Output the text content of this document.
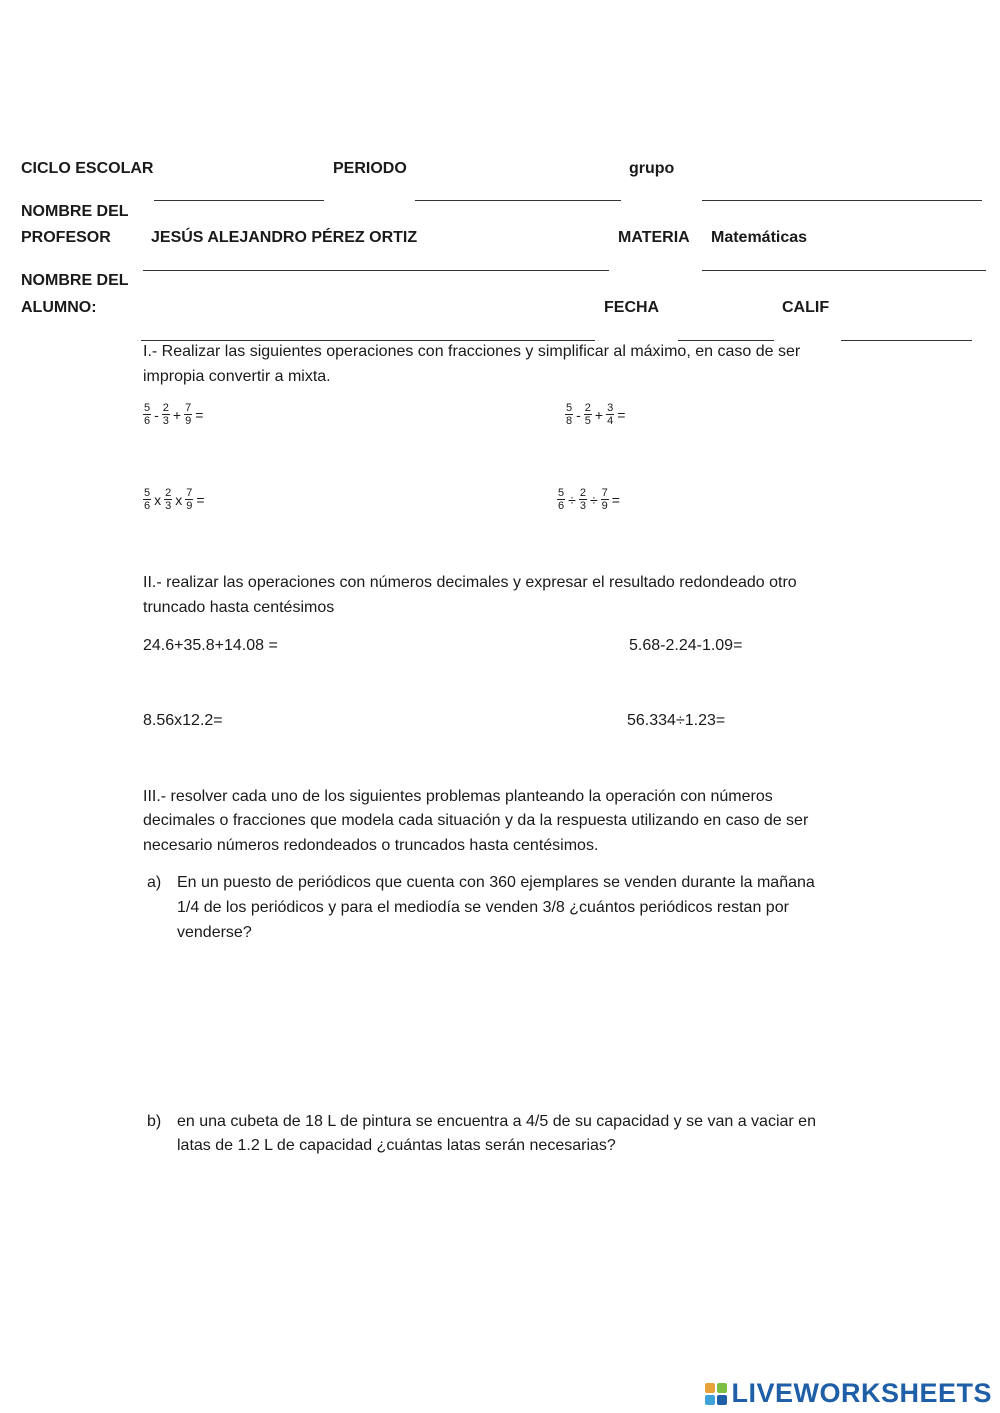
CICLO ESCOLAR	PERIODO	grupo
NOMBRE DEL
PROFESOR	JESÚS ALEJANDRO PÉREZ ORTIZ	MATERIA Matemáticas
NOMBRE DEL
ALUMNO:	FECHA	CALIF
I.- Realizar las siguientes operaciones con fracciones y simplificar al máximo, en caso de ser
impropia convertir a mixta.
$\frac{5}{6} - \frac{2}{3} + \frac{7}{9}$ =	$\frac{5}{8} - \frac{2}{5} + \frac{3}{4}$ =
$\frac{5}{6}$ x $\frac{2}{3}$ x $\frac{7}{9}$ =	$\frac{5}{6} \div \frac{2}{3} \div \frac{7}{9}$ =
II.- realizar las operaciones con números decimales y expresar el resultado redondeado otro
truncado hasta centésimos
24.6+35.8+14.08 =	5.68-2.24-1.09=
8.56x12.2=	56.334÷1.23=
III.- resolver cada uno de los siguientes problemas planteando la operación con números
decimales o fracciones que modela cada situación y da la respuesta utilizando en caso de ser
necesario números redondeados o truncados hasta centésimos.
a) En un puesto de periódicos que cuenta con 360 ejemplares se venden durante la mañana
1/4 de los periódicos y para el mediodía se venden 3/8 ¿cuántos periódicos restan por
venderse?
b) en una cubeta de 18 L de pintura se encuentra a 4/5 de su capacidad y se van a vaciar en
latas de 1.2 L de capacidad ¿cuántas latas serán necesarias?
LIVEWORKSHEETS
